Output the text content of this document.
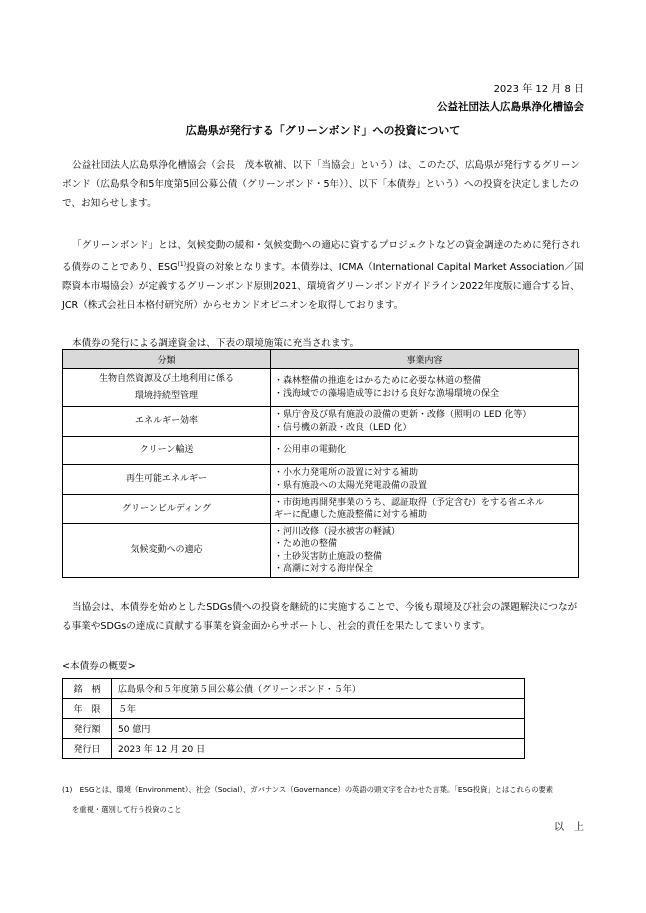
2023 年 12 月 8 日
公益社団法人広島県浄化槽協会
広島県が発行する「グリーンボンド」への投資について
公益社団法人広島県浄化槽協会（会長　茂本敬補、以下「当協会」という）は、このたび、広島県が発行するグリーンボンド（広島県令和5年度第5回公募公債（グリーンボンド・5年））、以下「本債券」という）への投資を決定しましたので、お知らせします。
「グリーンボンド」とは、気候変動の緩和・気候変動への適応に資するプロジェクトなどの資金調達のために発行される債券のことであり、ESG$^{(1)}$投資の対象となります。本債券は、ICMA（International Capital Market Association／国際資本市場協会）が定義するグリーンボンド原則2021、環境省グリーンボンドガイドライン2022年度版に適合する旨、JCR（株式会社日本格付研究所）からセカンドオピニオンを取得しております。
本債券の発行による調達資金は、下表の環境施策に充当されます。
分類	事業内容

生物自然資源及び土地利用に係る
環境持続型管理	・森林整備の推進をはかるために必要な林道の整備
・浅海域での藻場造成等における良好な漁場環境の保全

エネルギー効率	・県庁舎及び県有施設の設備の更新・改修（照明の LED 化等）
・信号機の新設・改良（LED 化）

クリーン輸送	・公用車の電動化

再生可能エネルギー	・小水力発電所の設置に対する補助
・県有施設への太陽光発電設備の設置

グリーンビルディング	・市街地再開発事業のうち、認証取得（予定含む）をする省エネル
ギーに配慮した施設整備に対する補助

気候変動への適応	・河川改修（浸水被害の軽減）
・ため池の整備
・土砂災害防止施設の整備
・高潮に対する海岸保全
当協会は、本債券を始めとしたSDGs債への投資を継続的に実施することで、今後も環境及び社会の課題解決につながる事業やSDGsの達成に貢献する事業を資金面からサポートし、社会的責任を果たしてまいります。
<本債券の概要>
銘　柄	広島県令和５年度第５回公募公債（グリーンボンド・５年）
年　限	５年
発行額	50 億円
発行日	2023 年 12 月 20 日
(1)　ESGとは、環境（Environment）、社会（Social）、ガバナンス（Governance）の英語の頭文字を合わせた言葉。「ESG投資」とはこれらの要素
を重視・選別して行う投資のこと
以　上
